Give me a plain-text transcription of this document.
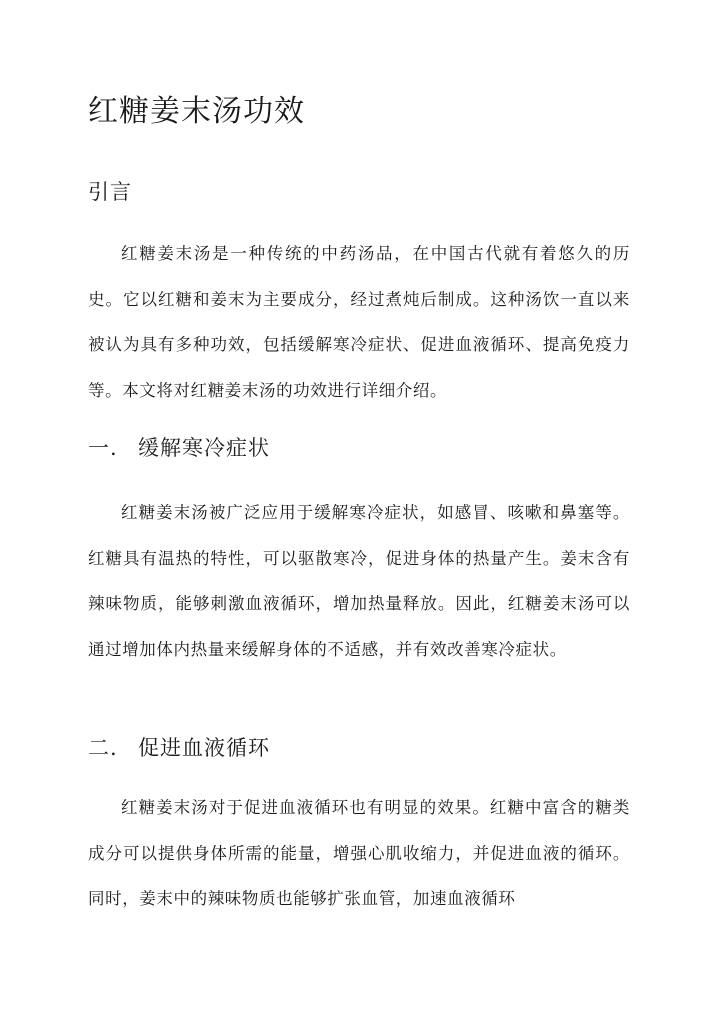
红糖姜末汤功效
引言

红糖姜末汤是一种传统的中药汤品，在中国古代就有着悠久的历史。它以红糖和姜末为主要成分，经过煮炖后制成。这种汤饮一直以来被认为具有多种功效，包括缓解寒冷症状、促进血液循环、提高免疫力等。本文将对红糖姜末汤的功效进行详细介绍。

一. 缓解寒冷症状

红糖姜末汤被广泛应用于缓解寒冷症状，如感冒、咳嗽和鼻塞等。红糖具有温热的特性，可以驱散寒冷，促进身体的热量产生。姜末含有辣味物质，能够刺激血液循环，增加热量释放。因此，红糖姜末汤可以通过增加体内热量来缓解身体的不适感，并有效改善寒冷症状。

二. 促进血液循环

红糖姜末汤对于促进血液循环也有明显的效果。红糖中富含的糖类成分可以提供身体所需的能量，增强心肌收缩力，并促进血液的循环。同时，姜末中的辣味物质也能够扩张血管，加速血液循环
